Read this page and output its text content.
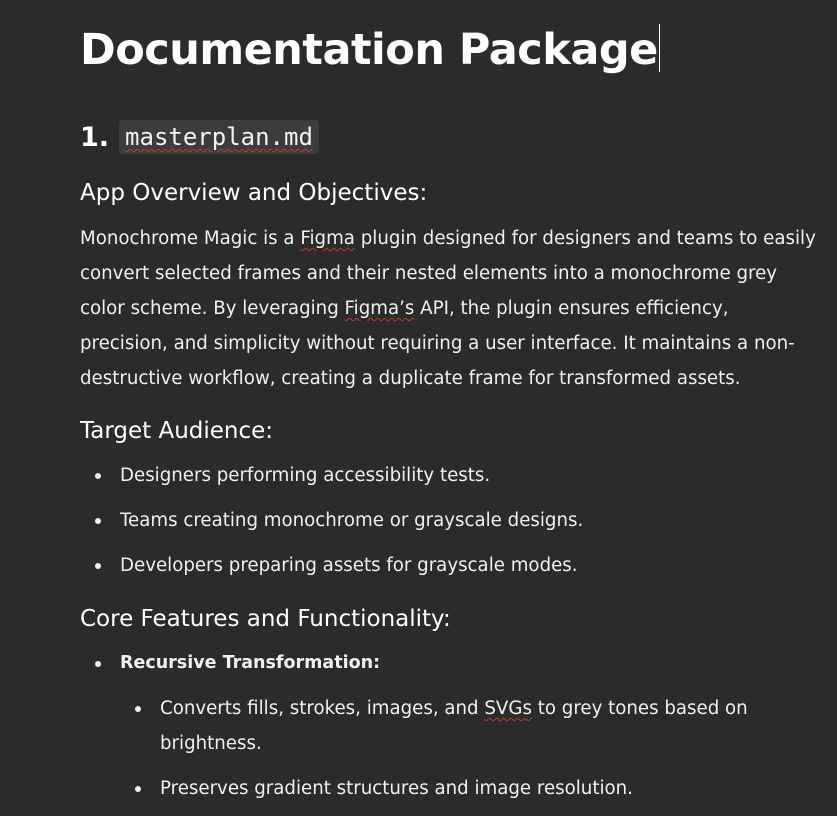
Documentation Package
1. masterplan.md
App Overview and Objectives:

Monochrome Magic is a Figma plugin designed for designers and teams to easily convert selected frames and their nested elements into a monochrome grey color scheme. By leveraging Figma’s API, the plugin ensures efficiency, precision, and simplicity without requiring a user interface. It maintains a non-destructive workflow, creating a duplicate frame for transformed assets.

Target Audience:
Designers performing accessibility tests.
Teams creating monochrome or grayscale designs.
Developers preparing assets for grayscale modes.
Core Features and Functionality:
Recursive Transformation:
Converts fills, strokes, images, and SVGs to grey tones based on brightness.
Preserves gradient structures and image resolution.
